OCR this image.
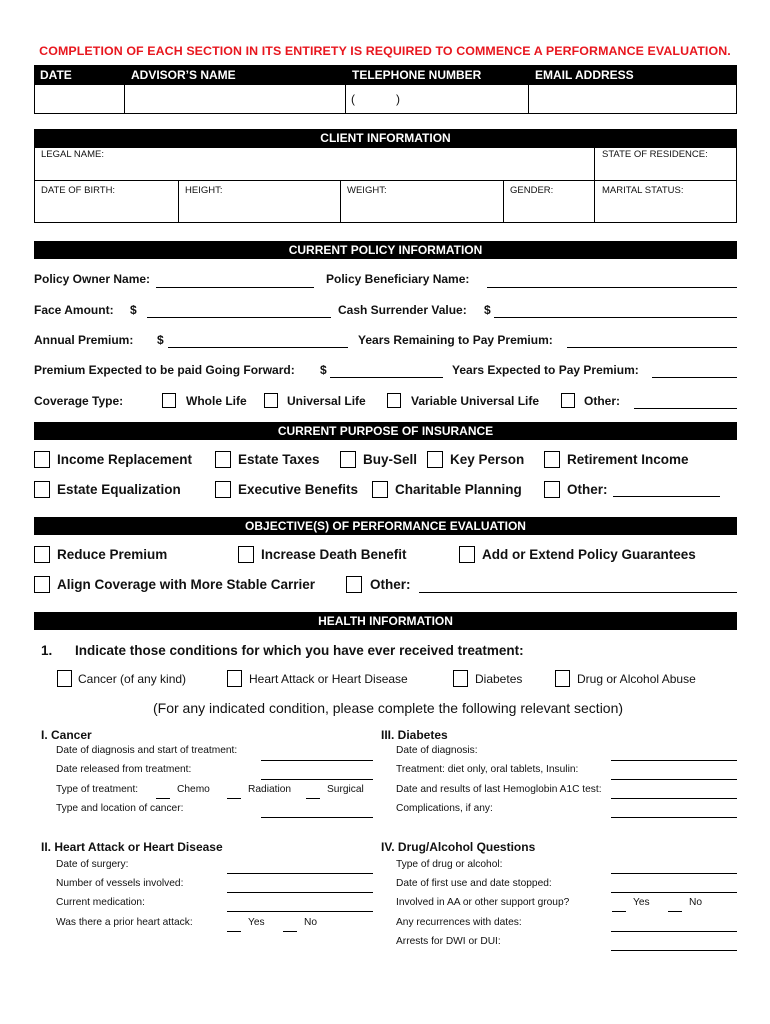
COMPLETION OF EACH SECTION IN ITS ENTIRETY IS REQUIRED TO COMMENCE A PERFORMANCE EVALUATION.
DATE	ADVISOR’S NAME	TELEPHONE NUMBER	EMAIL ADDRESS
(	)
CLIENT INFORMATION
LEGAL NAME:	STATE OF RESIDENCE:
DATE OF BIRTH:	HEIGHT:	WEIGHT:	GENDER:	MARITAL STATUS:
CURRENT POLICY INFORMATION
Policy Owner Name:	Policy Beneficiary Name:
Face Amount: $	Cash Surrender Value: $
Annual Premium: $	Years Remaining to Pay Premium:
Premium Expected to be paid Going Forward: $	Years Expected to Pay Premium:
Coverage Type:	Whole Life	Universal Life	Variable Universal Life	Other:
CURRENT PURPOSE OF INSURANCE
Income Replacement	Estate Taxes	Buy-Sell Key Person	Retirement Income
Estate Equalization	Executive Benefits	Charitable Planning	Other:
OBJECTIVE(S) OF PERFORMANCE EVALUATION
Reduce Premium	Increase Death Benefit	Add or Extend Policy Guarantees
Align Coverage with More Stable Carrier	Other:
HEALTH INFORMATION
1. Indicate those conditions for which you have ever received treatment:
Cancer (of any kind)	Heart Attack or Heart Disease	Diabetes	Drug or Alcohol Abuse
(For any indicated condition, please complete the following relevant section)
I. Cancer
Date of diagnosis and start of treatment:
Date released from treatment:
Type of treatment:	Chemo	Radiation	Surgical
Type and location of cancer:
III. Diabetes
Date of diagnosis:
Treatment: diet only, oral tablets, Insulin:
Date and results of last Hemoglobin A1C test:
Complications, if any:
II. Heart Attack or Heart Disease
Date of surgery:
Number of vessels involved:
Current medication:
Was there a prior heart attack:	Yes	No
IV. Drug/Alcohol Questions
Type of drug or alcohol:
Date of first use and date stopped:
Involved in AA or other support group?	Yes	No
Any recurrences with dates:
Arrests for DWI or DUI:
